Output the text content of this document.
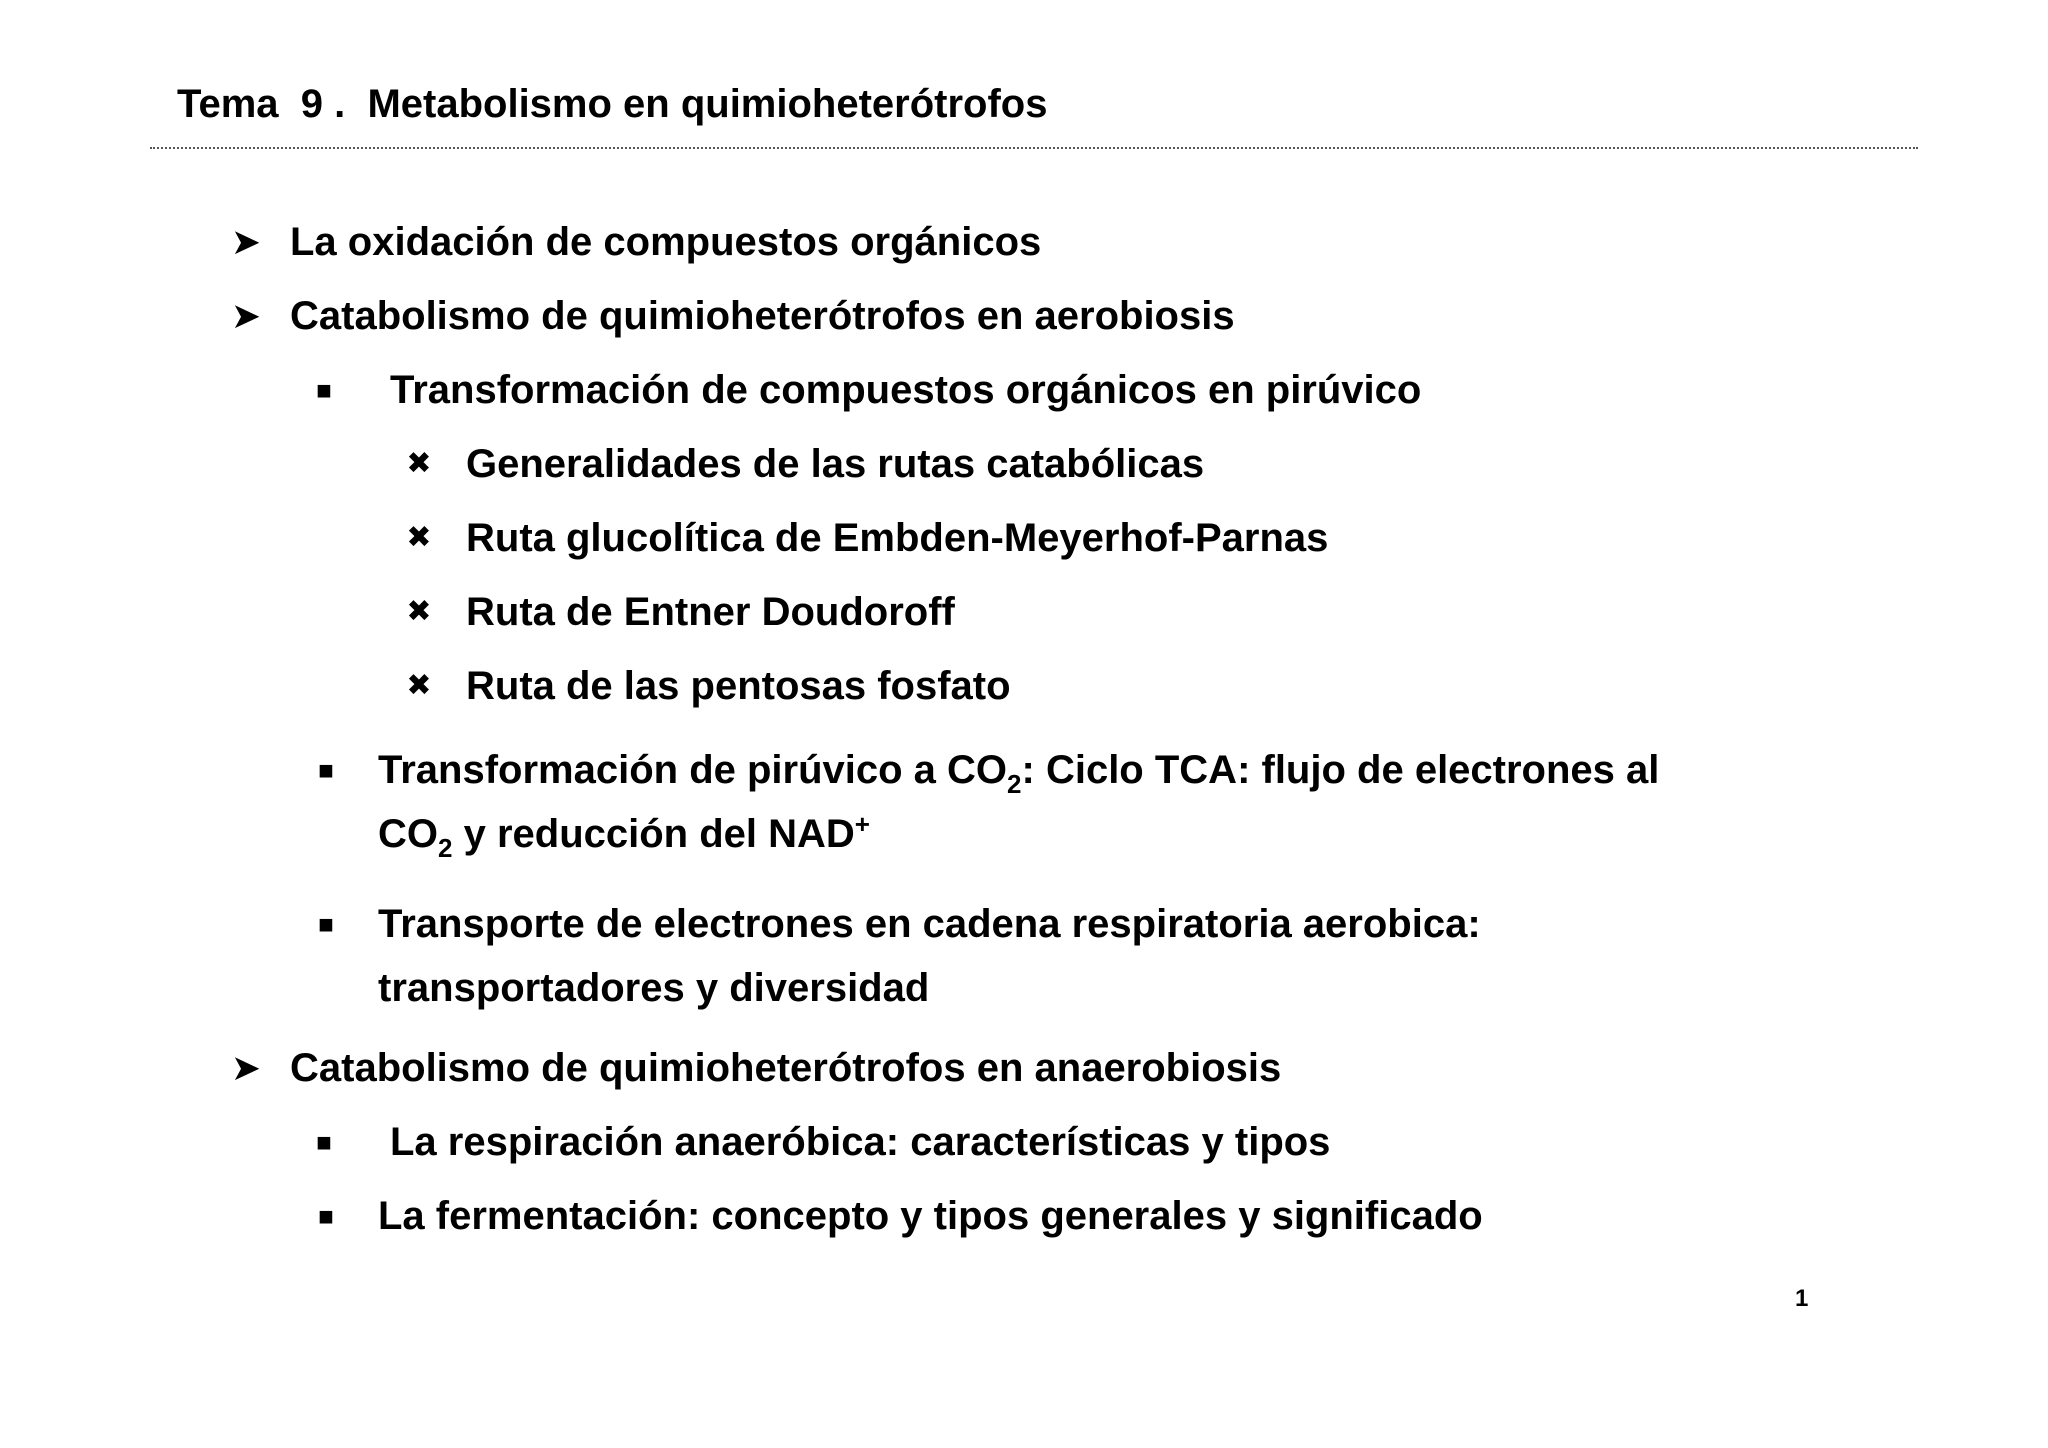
Tema  9 .  Metabolismo en quimioheterótrofos
➤ La oxidación de compuestos orgánicos
➤ Catabolismo de quimioheterótrofos en aerobiosis
■ Transformación de compuestos orgánicos en pirúvico
✖ Generalidades de las rutas catabólicas
✖ Ruta glucolítica de Embden-Meyerhof-Parnas
✖ Ruta de Entner Doudoroff
✖ Ruta de las pentosas fosfato
■ Transformación de pirúvico a $CO_2$: Ciclo TCA: flujo de electrones al
$CO_2$ y reducción del NAD+
■ Transporte de electrones en cadena respiratoria aerobica:
transportadores y diversidad
➤ Catabolismo de quimioheterótrofos en anaerobiosis
■ La respiración anaeróbica: características y tipos
■ La fermentación: concepto y tipos generales y significado
1
